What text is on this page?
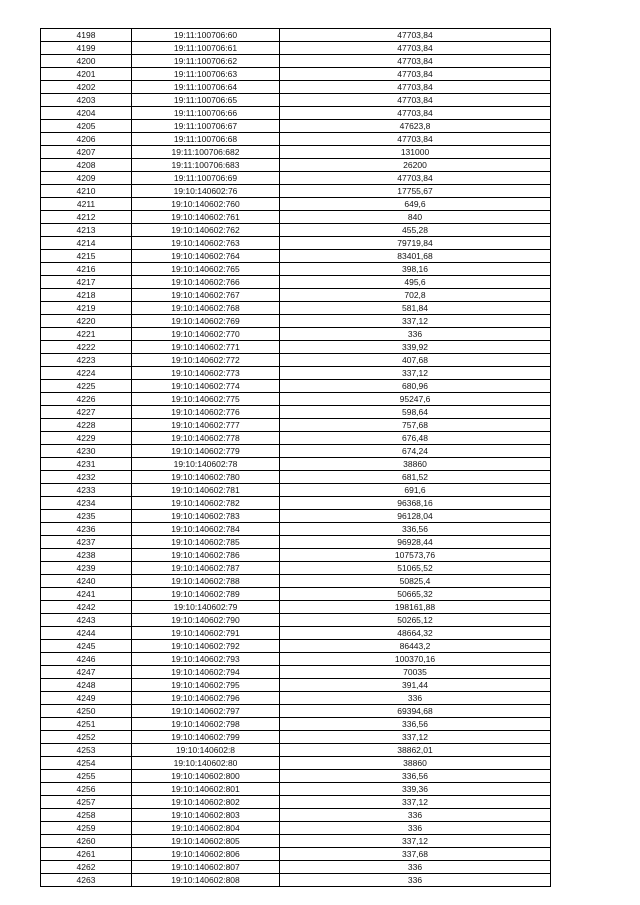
4198	19:11:100706:60	47703,84
4199	19:11:100706:61	47703,84
4200	19:11:100706:62	47703,84
4201	19:11:100706:63	47703,84
4202	19:11:100706:64	47703,84
4203	19:11:100706:65	47703,84
4204	19:11:100706:66	47703,84
4205	19:11:100706:67	47623,8
4206	19:11:100706:68	47703,84
4207	19:11:100706:682	131000
4208	19:11:100706:683	26200
4209	19:11:100706:69	47703,84
4210	19:10:140602:76	17755,67
4211	19:10:140602:760	649,6
4212	19:10:140602:761	840
4213	19:10:140602:762	455,28
4214	19:10:140602:763	79719,84
4215	19:10:140602:764	83401,68
4216	19:10:140602:765	398,16
4217	19:10:140602:766	495,6
4218	19:10:140602:767	702,8
4219	19:10:140602:768	581,84
4220	19:10:140602:769	337,12
4221	19:10:140602:770	336
4222	19:10:140602:771	339,92
4223	19:10:140602:772	407,68
4224	19:10:140602:773	337,12
4225	19:10:140602:774	680,96
4226	19:10:140602:775	95247,6
4227	19:10:140602:776	598,64
4228	19:10:140602:777	757,68
4229	19:10:140602:778	676,48
4230	19:10:140602:779	674,24
4231	19:10:140602:78	38860
4232	19:10:140602:780	681,52
4233	19:10:140602:781	691,6
4234	19:10:140602:782	96368,16
4235	19:10:140602:783	96128,04
4236	19:10:140602:784	336,56
4237	19:10:140602:785	96928,44
4238	19:10:140602:786	107573,76
4239	19:10:140602:787	51065,52
4240	19:10:140602:788	50825,4
4241	19:10:140602:789	50665,32
4242	19:10:140602:79	198161,88
4243	19:10:140602:790	50265,12
4244	19:10:140602:791	48664,32
4245	19:10:140602:792	86443,2
4246	19:10:140602:793	100370,16
4247	19:10:140602:794	70035
4248	19:10:140602:795	391,44
4249	19:10:140602:796	336
4250	19:10:140602:797	69394,68
4251	19:10:140602:798	336,56
4252	19:10:140602:799	337,12
4253	19:10:140602:8	38862,01
4254	19:10:140602:80	38860
4255	19:10:140602:800	336,56
4256	19:10:140602:801	339,36
4257	19:10:140602:802	337,12
4258	19:10:140602:803	336
4259	19:10:140602:804	336
4260	19:10:140602:805	337,12
4261	19:10:140602:806	337,68
4262	19:10:140602:807	336
4263	19:10:140602:808	336
